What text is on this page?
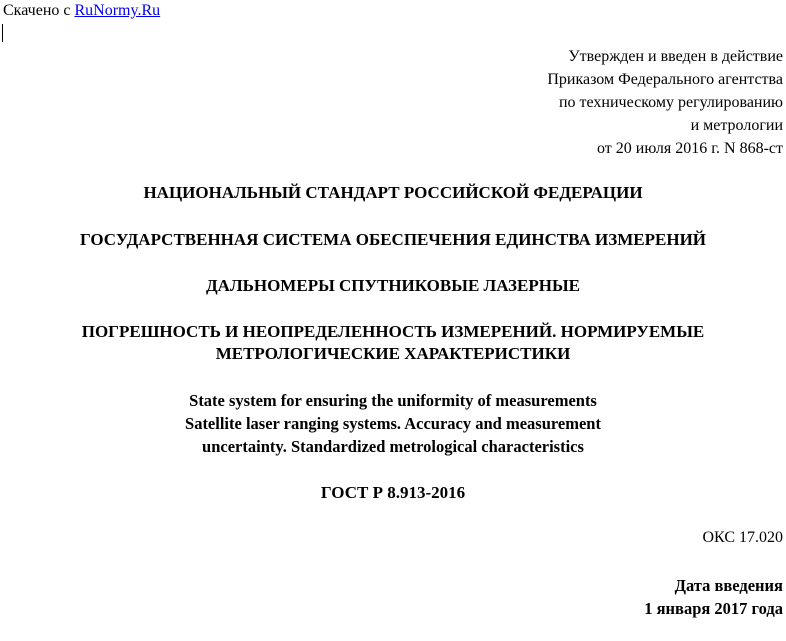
Скачено с RuNormy.Ru
Утвержден и введен в действие
Приказом Федерального агентства
по техническому регулированию
и метрологии
от 20 июля 2016 г. N 868-ст
НАЦИОНАЛЬНЫЙ СТАНДАРТ РОССИЙСКОЙ ФЕДЕРАЦИИ
ГОСУДАРСТВЕННАЯ СИСТЕМА ОБЕСПЕЧЕНИЯ ЕДИНСТВА ИЗМЕРЕНИЙ
ДАЛЬНОМЕРЫ СПУТНИКОВЫЕ ЛАЗЕРНЫЕ
ПОГРЕШНОСТЬ И НЕОПРЕДЕЛЕННОСТЬ ИЗМЕРЕНИЙ. НОРМИРУЕМЫЕ
МЕТРОЛОГИЧЕСКИЕ ХАРАКТЕРИСТИКИ
State system for ensuring the uniformity of measurements
Satellite laser ranging systems. Accuracy and measurement
uncertainty. Standardized metrological characteristics
ГОСТ Р 8.913-2016
ОКС 17.020
Дата введения
1 января 2017 года
